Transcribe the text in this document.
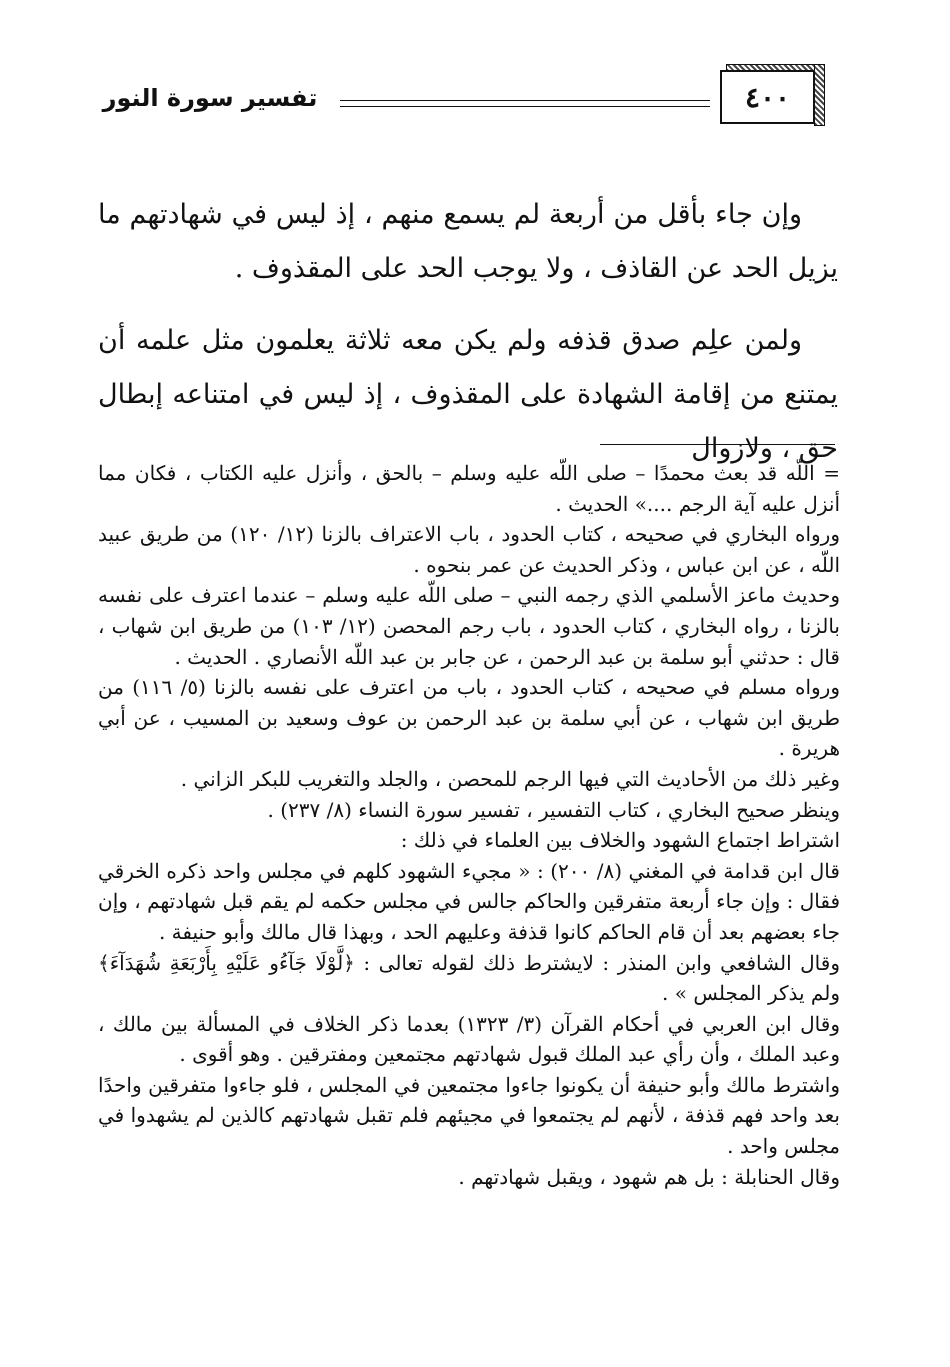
٤٠٠
تفسير سورة النور

وإن جاء بأقل من أربعة لم يسمع منهم ، إذ ليس في شهادتهم ما يزيل الحد عن القاذف ، ولا يوجب الحد على المقذوف .

ولمن علِم صدق قذفه ولم يكن معه ثلاثة يعلمون مثل علمه أن يمتنع من إقامة الشهادة على المقذوف ، إذ ليس في امتناعه إبطال حق ، ولازوال

= اللّه قد بعث محمدًا – صلى اللّه عليه وسلم – بالحق ، وأنزل عليه الكتاب ، فكان مما أنزل عليه آية الرجم ....» الحديث .

ورواه البخاري في صحيحه ، كتاب الحدود ، باب الاعتراف بالزنا (١٢/ ١٢٠) من طريق عبيد اللّه ، عن ابن عباس ، وذكر الحديث عن عمر بنحوه .

وحديث ماعز الأسلمي الذي رجمه النبي – صلى اللّه عليه وسلم – عندما اعترف على نفسه بالزنا ، رواه البخاري ، كتاب الحدود ، باب رجم المحصن (١٢/ ١٠٣) من طريق ابن شهاب ، قال : حدثني أبو سلمة بن عبد الرحمن ، عن جابر بن عبد اللّه الأنصاري . الحديث .

ورواه مسلم في صحيحه ، كتاب الحدود ، باب من اعترف على نفسه بالزنا (٥/ ١١٦) من طريق ابن شهاب ، عن أبي سلمة بن عبد الرحمن بن عوف وسعيد بن المسيب ، عن أبي هريرة .

وغير ذلك من الأحاديث التي فيها الرجم للمحصن ، والجلد والتغريب للبكر الزاني .

وينظر صحيح البخاري ، كتاب التفسير ، تفسير سورة النساء (٨/ ٢٣٧) .

اشتراط اجتماع الشهود والخلاف بين العلماء في ذلك :

قال ابن قدامة في المغني (٨/ ٢٠٠) : « مجيء الشهود كلهم في مجلس واحد ذكره الخرقي فقال : وإن جاء أربعة متفرقين والحاكم جالس في مجلس حكمه لم يقم قبل شهادتهم ، وإن جاء بعضهم بعد أن قام الحاكم كانوا قذفة وعليهم الحد ، وبهذا قال مالك وأبو حنيفة .

وقال الشافعي وابن المنذر : لايشترط ذلك لقوله تعالى : ﴿لَّوْلَا جَآءُو عَلَيْهِ بِأَرْبَعَةِ شُهَدَآءَ﴾ ولم يذكر المجلس » .

وقال ابن العربي في أحكام القرآن (٣/ ١٣٢٣) بعدما ذكر الخلاف في المسألة بين مالك ، وعبد الملك ، وأن رأي عبد الملك قبول شهادتهم مجتمعين ومفترقين . وهو أقوى .

واشترط مالك وأبو حنيفة أن يكونوا جاءوا مجتمعين في المجلس ، فلو جاءوا متفرقين واحدًا بعد واحد فهم قذفة ، لأنهم لم يجتمعوا في مجيئهم فلم تقبل شهادتهم كالذين لم يشهدوا في مجلس واحد .

وقال الحنابلة : بل هم شهود ، ويقبل شهادتهم .
